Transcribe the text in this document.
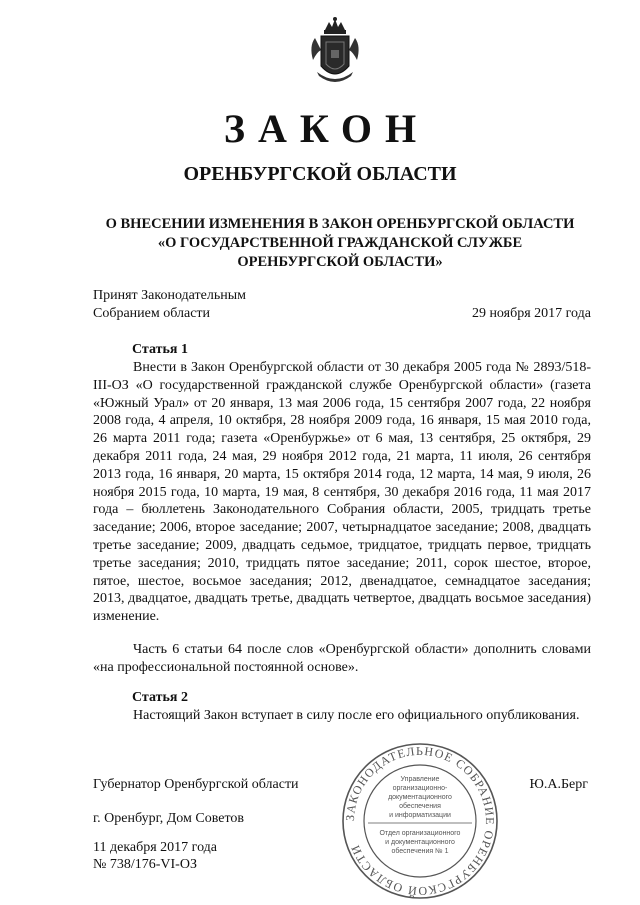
ЗАКОН
ОРЕНБУРГСКОЙ ОБЛАСТИ
О ВНЕСЕНИИ ИЗМЕНЕНИЯ В ЗАКОН ОРЕНБУРГСКОЙ ОБЛАСТИ
«О ГОСУДАРСТВЕННОЙ ГРАЖДАНСКОЙ СЛУЖБЕ
ОРЕНБУРГСКОЙ ОБЛАСТИ»
Принят Законодательным
Собранием области	29 ноября 2017 года
Статья 1

Внести в Закон Оренбургской области от 30 декабря 2005 года № 2893/518-III-ОЗ «О государственной гражданской службе Оренбургской области» (газета «Южный Урал» от 20 января, 13 мая 2006 года, 15 сентября 2007 года, 22 ноября 2008 года, 4 апреля, 10 октября, 28 ноября 2009 года, 16 января, 15 мая 2010 года, 26 марта 2011 года; газета «Оренбуржье» от 6 мая, 13 сентября, 25 октября, 29 декабря 2011 года, 24 мая, 29 ноября 2012 года, 21 марта, 11 июля, 26 сентября 2013 года, 16 января, 20 марта, 15 октября 2014 года, 12 марта, 14 мая, 9 июля, 26 ноября 2015 года, 10 марта, 19 мая, 8 сентября, 30 декабря 2016 года, 11 мая 2017 года – бюллетень Законодательного Собрания области, 2005, тридцать третье заседание; 2006, второе заседание; 2007, четырнадцатое заседание; 2008, двадцать третье заседание; 2009, двадцать седьмое, тридцатое, тридцать первое, тридцать третье заседания; 2010, тридцать пятое заседание; 2011, сорок шестое, второе, пятое, шестое, восьмое заседания; 2012, двенадцатое, семнадцатое заседания; 2013, двадцатое, двадцать третье, двадцать четвертое, двадцать восьмое заседания) изменение.

Часть 6 статьи 64 после слов «Оренбургской области» дополнить словами «на профессиональной постоянной основе».

Статья 2

Настоящий Закон вступает в силу после его официального опубликования.

Губернатор Оренбургской области	Ю.А.Берг
г. Оренбург, Дом Советов
11 декабря 2017 года
№ 738/176-VI-ОЗ
ЗАКОНОДАТЕЛЬНОЕ СОБРАНИЕ ОРЕНБУРГСКОЙ ОБЛАСТИ
Управление
организационно-
документационного
обеспечения
и информатизации
Отдел организационного
и документационного
обеспечения № 1
